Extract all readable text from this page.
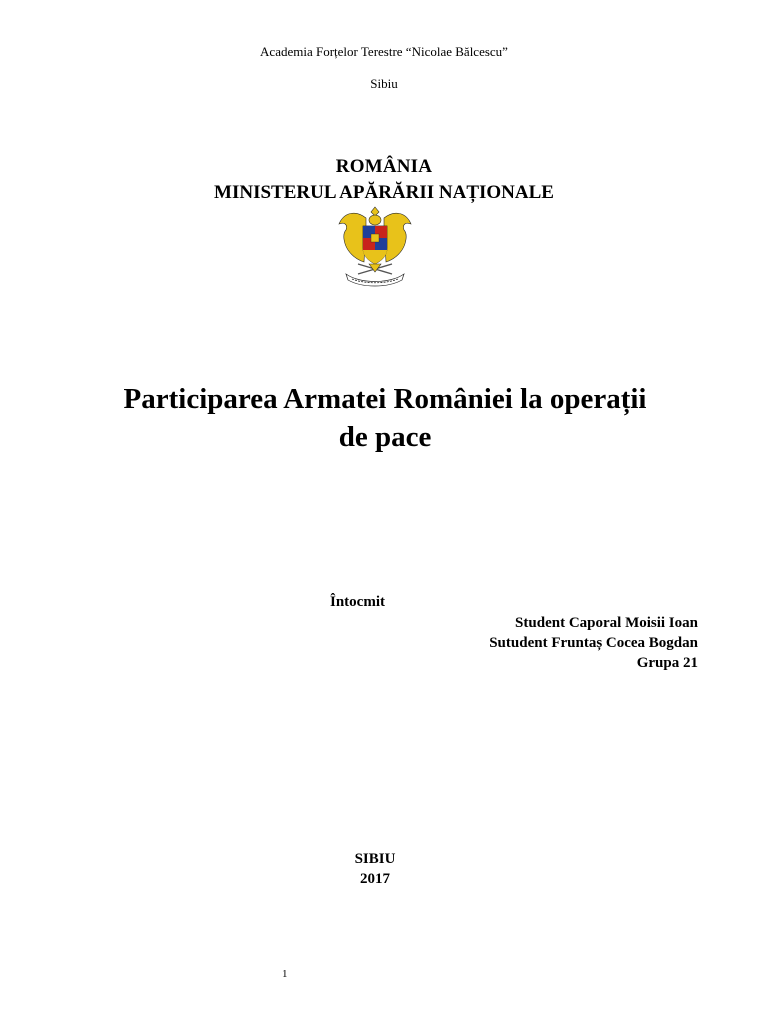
Academia Forțelor Terestre “Nicolae Bălcescu”
Sibiu
ROMÂNIA
MINISTERUL APĂRĂRII NAȚIONALE
Participarea Armatei României la operații
de pace
Întocmit
Student Caporal Moisii Ioan
Sutudent Fruntaș Cocea Bogdan
Grupa 21
SIBIU
2017
1
